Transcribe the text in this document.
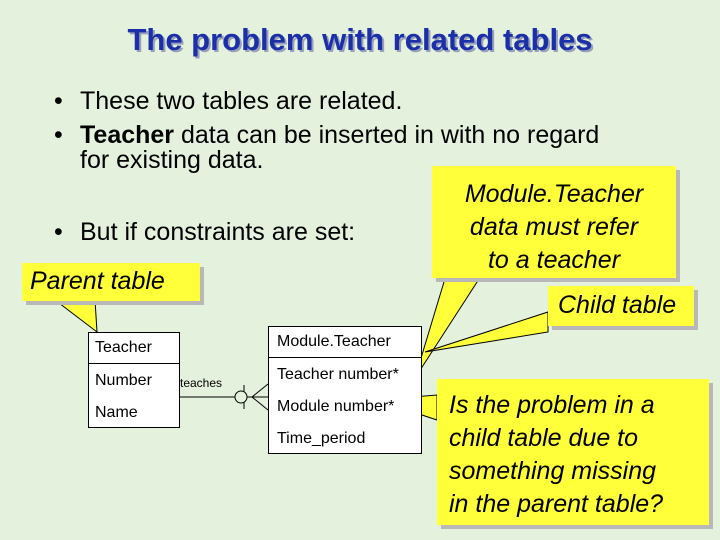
The problem with related tables
• These two tables are related.
• Teacher data can be inserted in with no regard
for existing data.
• But if constraints are set:
Parent table
Module.Teacher
data must refer
to a teacher
Child table
Is the problem in a
child table due to
something missing
in the parent table?
Teacher
Number
Name
teaches
Module.Teacher
Teacher number*
Module number*
Time_period
